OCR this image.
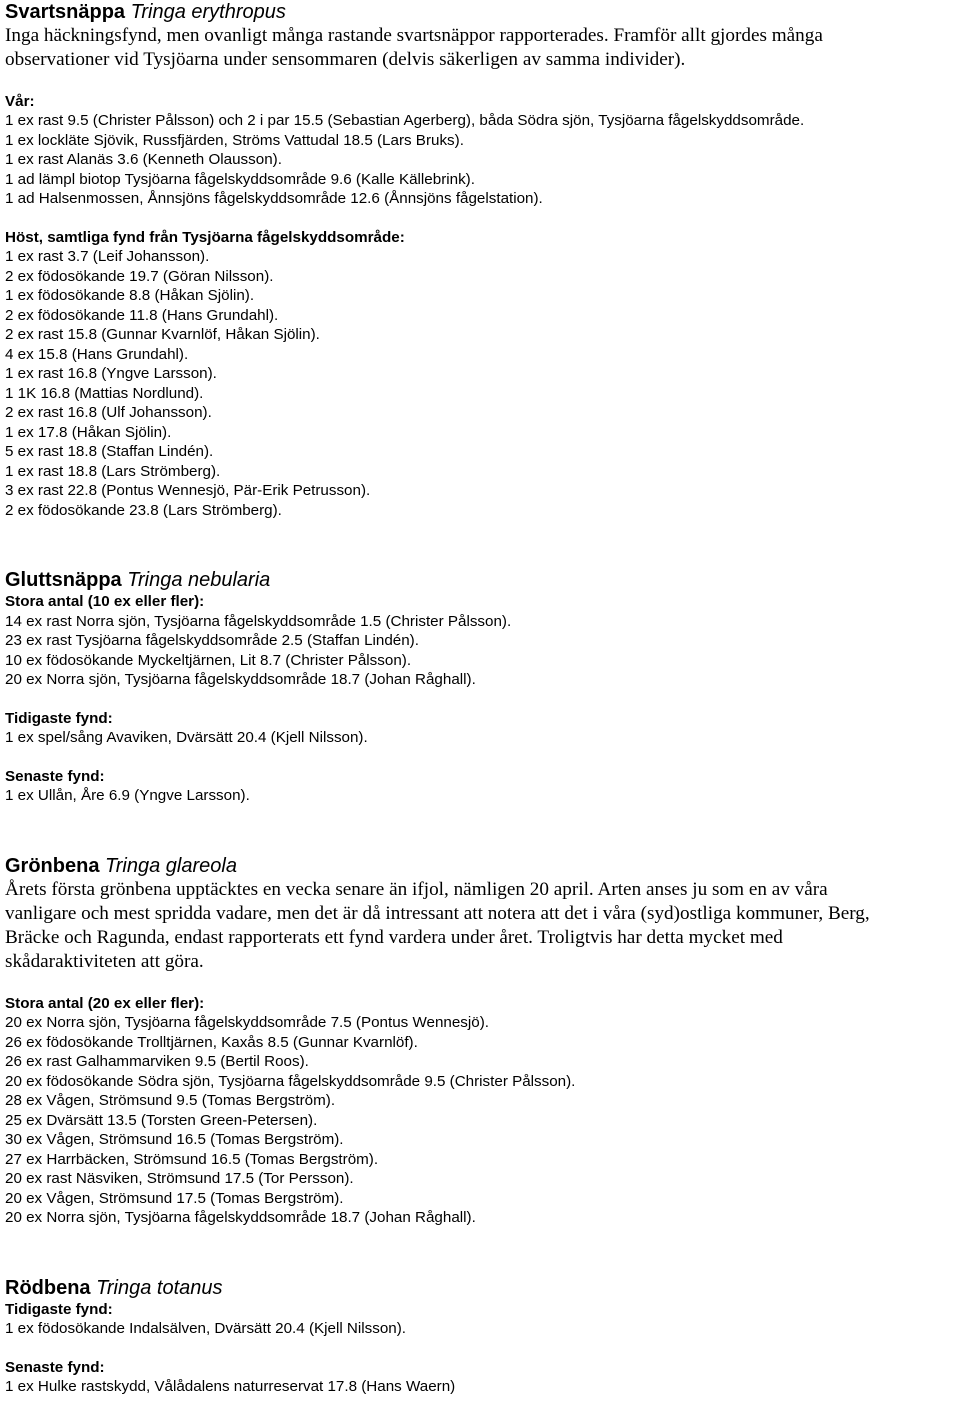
Svartsnäppa Tringa erythropus

Inga häckningsfynd, men ovanligt många rastande svartsnäppor rapporterades. Framför allt gjordes många

observationer vid Tysjöarna under sensommaren (delvis säkerligen av samma individer).

Vår:

1 ex rast 9.5 (Christer Pålsson) och 2 i par 15.5 (Sebastian Agerberg), båda Södra sjön, Tysjöarna fågelskyddsområde.

1 ex lockläte Sjövik, Russfjärden, Ströms Vattudal 18.5 (Lars Bruks).

1 ex rast Alanäs 3.6 (Kenneth Olausson).

1 ad lämpl biotop Tysjöarna fågelskyddsområde 9.6 (Kalle Källebrink).

1 ad Halsenmossen, Ånnsjöns fågelskyddsområde 12.6 (Ånnsjöns fågelstation).

Höst, samtliga fynd från Tysjöarna fågelskyddsområde:

1 ex rast 3.7 (Leif Johansson).

2 ex födosökande 19.7 (Göran Nilsson).

1 ex födosökande 8.8 (Håkan Sjölin).

2 ex födosökande 11.8 (Hans Grundahl).

2 ex rast 15.8 (Gunnar Kvarnlöf, Håkan Sjölin).

4 ex 15.8 (Hans Grundahl).

1 ex rast 16.8 (Yngve Larsson).

1 1K 16.8 (Mattias Nordlund).

2 ex rast 16.8 (Ulf Johansson).

1 ex 17.8 (Håkan Sjölin).

5 ex rast 18.8 (Staffan Lindén).

1 ex rast 18.8 (Lars Strömberg).

3 ex rast 22.8 (Pontus Wennesjö, Pär-Erik Petrusson).

2 ex födosökande 23.8 (Lars Strömberg).

Gluttsnäppa Tringa nebularia

Stora antal (10 ex eller fler):

14 ex rast Norra sjön, Tysjöarna fågelskyddsområde 1.5 (Christer Pålsson).

23 ex rast Tysjöarna fågelskyddsområde 2.5 (Staffan Lindén).

10 ex födosökande Myckeltjärnen, Lit 8.7 (Christer Pålsson).

20 ex Norra sjön, Tysjöarna fågelskyddsområde 18.7 (Johan Råghall).

Tidigaste fynd:

1 ex spel/sång Avaviken, Dvärsätt 20.4 (Kjell Nilsson).

Senaste fynd:

1 ex Ullån, Åre 6.9 (Yngve Larsson).

Grönbena Tringa glareola

Årets första grönbena upptäcktes en vecka senare än ifjol, nämligen 20 april. Arten anses ju som en av våra

vanligare och mest spridda vadare, men det är då intressant att notera att det i våra (syd)ostliga kommuner, Berg,

Bräcke och Ragunda, endast rapporterats ett fynd vardera under året. Troligtvis har detta mycket med

skådaraktiviteten att göra.

Stora antal (20 ex eller fler):

20 ex Norra sjön, Tysjöarna fågelskyddsområde 7.5 (Pontus Wennesjö).

26 ex födosökande Trolltjärnen, Kaxås 8.5 (Gunnar Kvarnlöf).

26 ex rast Galhammarviken 9.5 (Bertil Roos).

20 ex födosökande Södra sjön, Tysjöarna fågelskyddsområde 9.5 (Christer Pålsson).

28 ex Vågen, Strömsund 9.5 (Tomas Bergström).

25 ex Dvärsätt 13.5 (Torsten Green-Petersen).

30 ex Vågen, Strömsund 16.5 (Tomas Bergström).

27 ex Harrbäcken, Strömsund 16.5 (Tomas Bergström).

20 ex rast Näsviken, Strömsund 17.5 (Tor Persson).

20 ex Vågen, Strömsund 17.5 (Tomas Bergström).

20 ex Norra sjön, Tysjöarna fågelskyddsområde 18.7 (Johan Råghall).

Rödbena Tringa totanus

Tidigaste fynd:

1 ex födosökande Indalsälven, Dvärsätt 20.4 (Kjell Nilsson).

Senaste fynd:

1 ex Hulke rastskydd, Vålådalens naturreservat 17.8 (Hans Waern)
